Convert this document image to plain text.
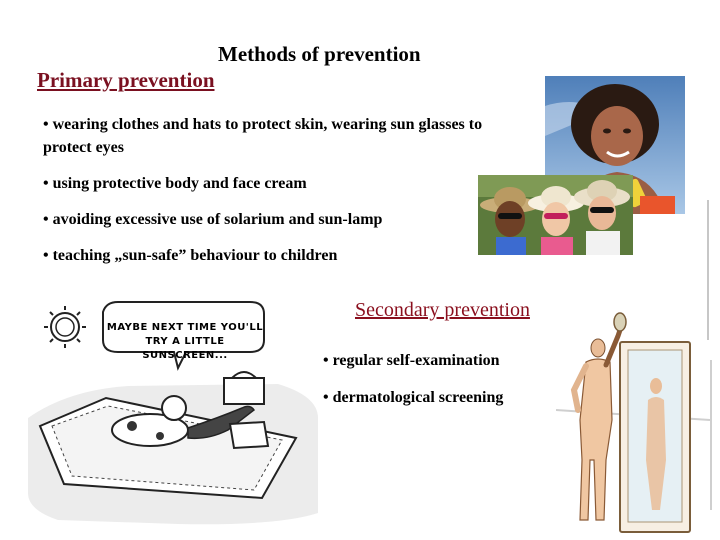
Methods of prevention
Primary prevention
• wearing clothes and hats to protect skin, wearing sun glasses to protect eyes
• using protective body and face cream
• avoiding excessive use of solarium and sun-lamp
• teaching „sun-safe” behaviour to children
MAYBE NEXT TIME YOU'LL
TRY A LITTLE SUNSCREEN...
Secondary prevention
• regular self-examination
• dermatological screening
